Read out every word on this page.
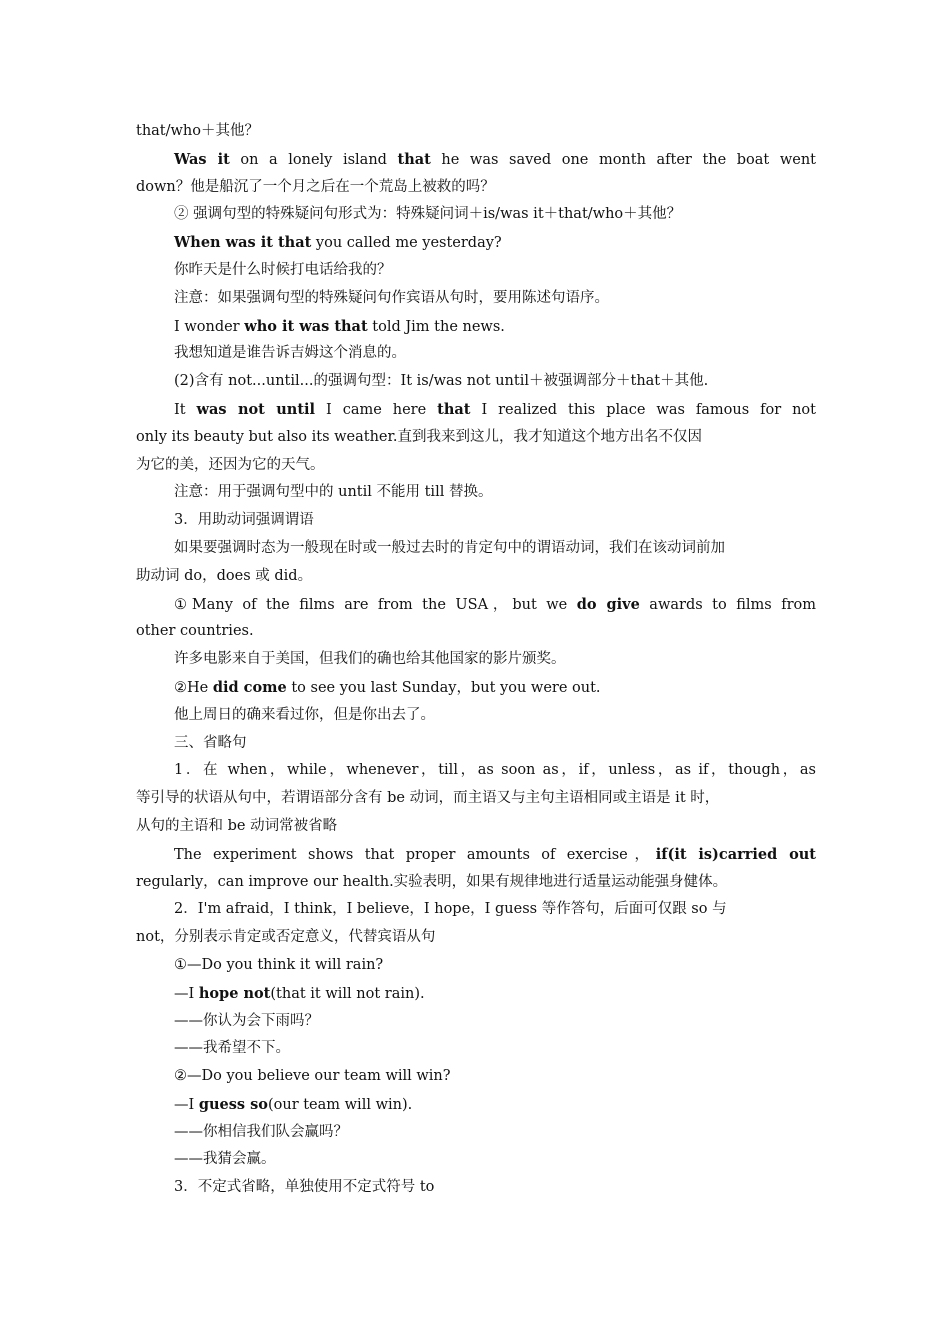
that/who＋其他？
Was it on a lonely island that he was saved one month after the boat went
down？他是船沉了一个月之后在一个荒岛上被救的吗？
② 强调句型的特殊疑问句形式为：特殊疑问词＋is/was it＋that/who＋其他？
When was it that you called me yesterday?
你昨天是什么时候打电话给我的？
注意：如果强调句型的特殊疑问句作宾语从句时，要用陈述句语序。
I wonder who it was that told Jim the news.
我想知道是谁告诉吉姆这个消息的。
(2)含有 not...until...的强调句型：It is/was not until＋被强调部分＋that＋其他.
It was not until I came here that I realized this place was famous for not
only its beauty but also its weather.直到我来到这儿，我才知道这个地方出名不仅因
为它的美，还因为它的天气。
注意：用于强调句型中的 until 不能用 till 替换。
3．用助动词强调谓语
如果要强调时态为一般现在时或一般过去时的肯定句中的谓语动词，我们在该动词前加
助动词 do，does 或 did。
①Many of the films are from the USA，but we do give awards to films from
other countries.
许多电影来自于美国，但我们的确也给其他国家的影片颁奖。
②He did come to see you last Sunday，but you were out.
他上周日的确来看过你，但是你出去了。
三、省略句
1．在 when，while，whenever，till，as soon as，if，unless，as if，though，as
等引导的状语从句中，若谓语部分含有 be 动词，而主语又与主句主语相同或主语是 it 时，
从句的主语和 be 动词常被省略
The experiment shows that proper amounts of exercise，if(it is)carried out
regularly，can improve our health.实验表明，如果有规律地进行适量运动能强身健体。
2．I'm afraid，I think，I believe，I hope，I guess 等作答句，后面可仅跟 so 与
not，分别表示肯定或否定意义，代替宾语从句
①—Do you think it will rain?
—I hope not(that it will not rain).
——你认为会下雨吗？
——我希望不下。
②—Do you believe our team will win?
—I guess so(our team will win).
——你相信我们队会赢吗？
——我猜会赢。
3．不定式省略，单独使用不定式符号 to
